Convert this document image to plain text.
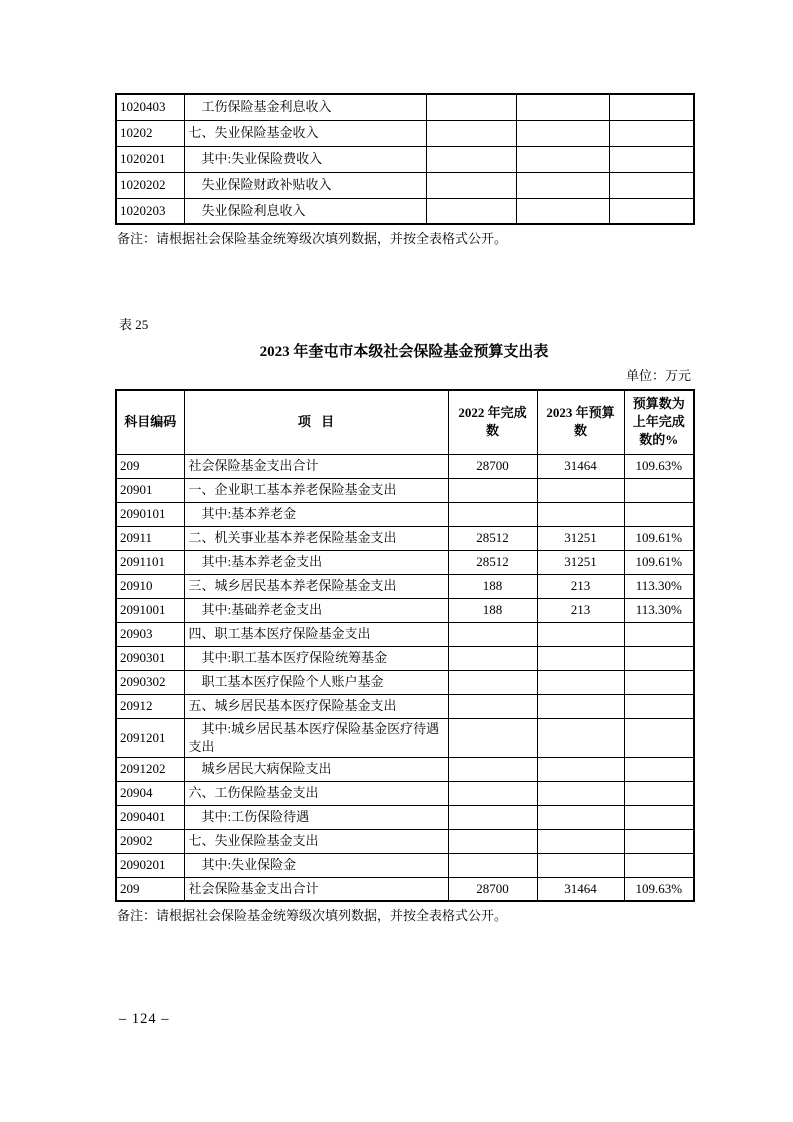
1020403	工伤保险基金利息收入			
10202	七、失业保险基金收入			
1020201	其中:失业保险费收入			
1020202	失业保险财政补贴收入			
1020203	失业保险利息收入			

备注：请根据社会保险基金统筹级次填列数据，并按全表格式公开。

表 25

2023 年奎屯市本级社会保险基金预算支出表

单位：万元

科目编码	项 目	2022 年完成数	2023 年预算数	预算数为上年完成数的%
209	社会保险基金支出合计	28700	31464	109.63%
20901	一、企业职工基本养老保险基金支出			
2090101	其中:基本养老金			
20911	二、机关事业基本养老保险基金支出	28512	31251	109.61%
2091101	其中:基本养老金支出	28512	31251	109.61%
20910	三、城乡居民基本养老保险基金支出	188	213	113.30%
2091001	其中:基础养老金支出	188	213	113.30%
20903	四、职工基本医疗保险基金支出			
2090301	其中:职工基本医疗保险统筹基金			
2090302	职工基本医疗保险个人账户基金			
20912	五、城乡居民基本医疗保险基金支出			
2091201	其中:城乡居民基本医疗保险基金医疗待遇支出			
2091202	城乡居民大病保险支出			
20904	六、工伤保险基金支出			
2090401	其中:工伤保险待遇			
20902	七、失业保险基金支出			
2090201	其中:失业保险金			
209	社会保险基金支出合计	28700	31464	109.63%

备注：请根据社会保险基金统筹级次填列数据，并按全表格式公开。

– 124 –
